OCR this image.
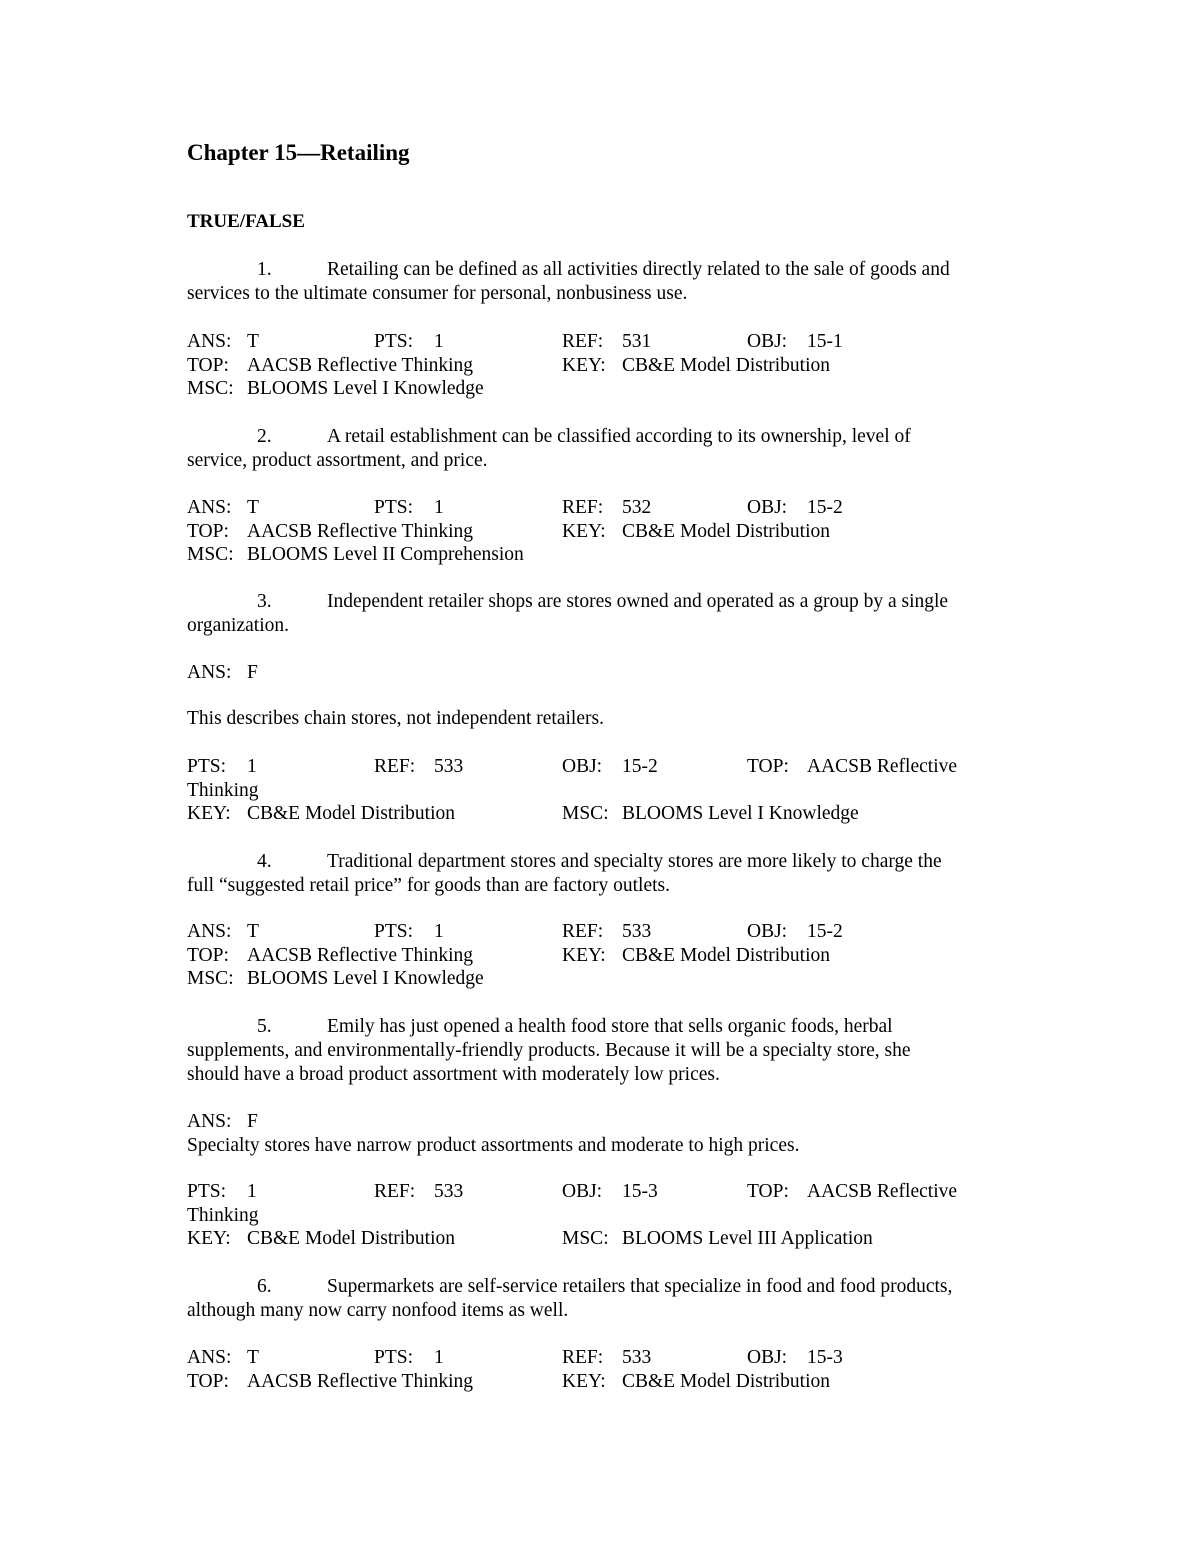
Chapter 15—Retailing
TRUE/FALSE
1.	Retailing can be defined as all activities directly related to the sale of goods and
services to the ultimate consumer for personal, nonbusiness use.
ANS: T	PTS: 1	REF: 531	OBJ: 15-1
TOP: AACSB Reflective Thinking	KEY: CB&E Model Distribution
MSC: BLOOMS Level I Knowledge
2.	A retail establishment can be classified according to its ownership, level of
service, product assortment, and price.
ANS: T	PTS: 1	REF: 532	OBJ: 15-2
TOP: AACSB Reflective Thinking	KEY: CB&E Model Distribution
MSC: BLOOMS Level II Comprehension
3.	Independent retailer shops are stores owned and operated as a group by a single
organization.
ANS: F
This describes chain stores, not independent retailers.
PTS: 1	REF: 533	OBJ: 15-2	TOP: AACSB Reflective
Thinking
KEY: CB&E Model Distribution	MSC: BLOOMS Level I Knowledge
4.	Traditional department stores and specialty stores are more likely to charge the
full “suggested retail price” for goods than are factory outlets.
ANS: T	PTS: 1	REF: 533	OBJ: 15-2
TOP: AACSB Reflective Thinking	KEY: CB&E Model Distribution
MSC: BLOOMS Level I Knowledge
5.	Emily has just opened a health food store that sells organic foods, herbal
supplements, and environmentally-friendly products. Because it will be a specialty store, she
should have a broad product assortment with moderately low prices.
ANS: F
Specialty stores have narrow product assortments and moderate to high prices.
PTS: 1	REF: 533	OBJ: 15-3	TOP: AACSB Reflective
Thinking
KEY: CB&E Model Distribution	MSC: BLOOMS Level III Application
6.	Supermarkets are self-service retailers that specialize in food and food products,
although many now carry nonfood items as well.
ANS: T	PTS: 1	REF: 533	OBJ: 15-3
TOP: AACSB Reflective Thinking	KEY: CB&E Model Distribution
